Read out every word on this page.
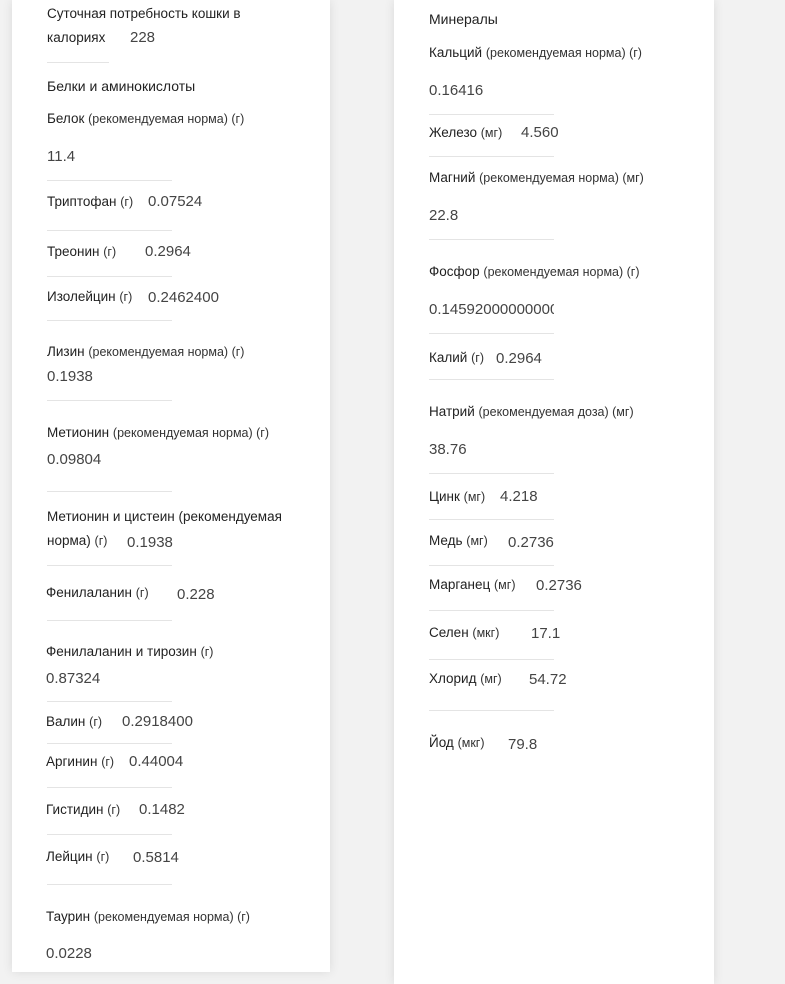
Суточная потребность кошки в калориях
228
Белки и аминокислоты
Белок (рекомендуемая норма) (г)
11.4
Триптофан (г)
0.07524
Треонин (г)
0.2964
Изолейцин (г)
0.2462400
Лизин (рекомендуемая норма) (г)
0.1938
Метионин (рекомендуемая норма) (г)
0.09804
Метионин и цистеин (рекомендуемая
норма) (г)
0.1938
Фенилаланин (г)
0.228
Фенилаланин и тирозин (г)
0.87324
Валин (г)
0.2918400
Аргинин (г)
0.44004
Гистидин (г)
0.1482
Лейцин (г)
0.5814
Таурин (рекомендуемая норма) (г)
0.0228
Минералы
Кальций (рекомендуемая норма) (г)
0.16416
Железо (мг)
4.560
Магний (рекомендуемая норма) (мг)
22.8
Фосфор (рекомендуемая норма) (г)
0.14592000000000
Калий (г)
0.2964
Натрий (рекомендуемая доза) (мг)
38.76
Цинк (мг)
4.218
Медь (мг)
0.2736
Марганец (мг)
0.2736
Селен (мкг)
17.1
Хлорид (мг)
54.72
Йод (мкг)
79.8
